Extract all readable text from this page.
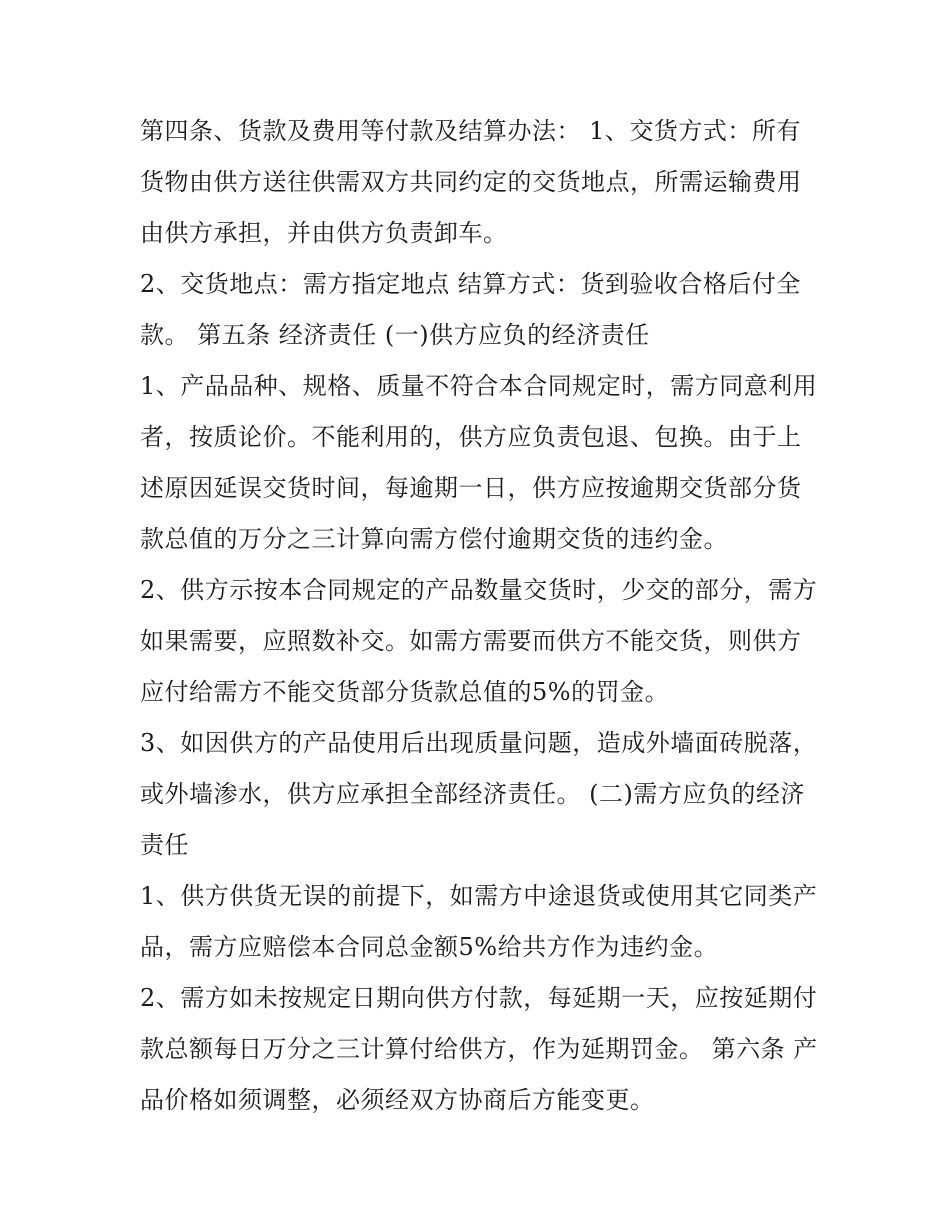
第四条、货款及费用等付款及结算办法： 1、交货方式：所有货物由供方送往供需双方共同约定的交货地点，所需运输费用由供方承担，并由供方负责卸车。

2、交货地点：需方指定地点 结算方式：货到验收合格后付全款。 第五条 经济责任 (一)供方应负的经济责任

1、产品品种、规格、质量不符合本合同规定时，需方同意利用者，按质论价。不能利用的，供方应负责包退、包换。由于上述原因延误交货时间，每逾期一日，供方应按逾期交货部分货款总值的万分之三计算向需方偿付逾期交货的违约金。

2、供方示按本合同规定的产品数量交货时，少交的部分，需方如果需要，应照数补交。如需方需要而供方不能交货，则供方应付给需方不能交货部分货款总值的5%的罚金。

3、如因供方的产品使用后出现质量问题，造成外墙面砖脱落，或外墙渗水，供方应承担全部经济责任。 (二)需方应负的经济责任

1、供方供货无误的前提下，如需方中途退货或使用其它同类产品，需方应赔偿本合同总金额5%给共方作为违约金。

2、需方如未按规定日期向供方付款，每延期一天，应按延期付款总额每日万分之三计算付给供方，作为延期罚金。 第六条 产品价格如须调整，必须经双方协商后方能变更。
